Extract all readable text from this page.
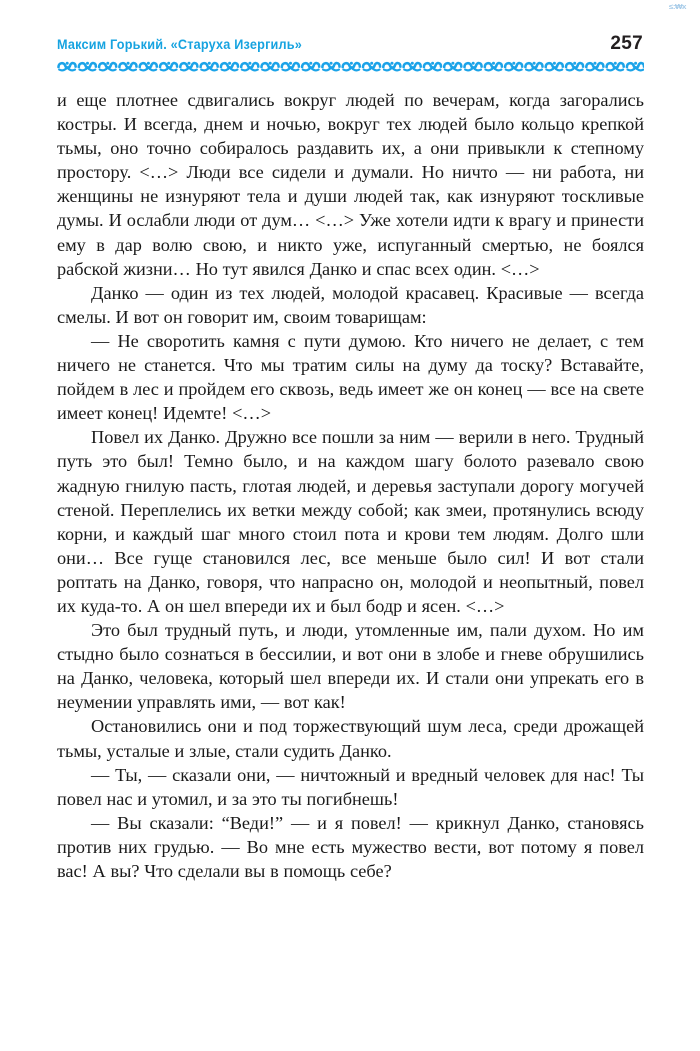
≤:₩х
Максим Горький. «Старуха Изергиль»	257

и еще плотнее сдвигались вокруг людей по вечерам, когда загорались костры. И всегда, днем и ночью, вокруг тех людей было кольцо крепкой тьмы, оно точно собиралось раздавить их, а они привыкли к степному простору. <…> Люди все сидели и думали. Но ничто — ни работа, ни женщины не изнуряют тела и души людей так, как изнуряют тоскливые думы. И ослабли люди от дум… <…> Уже хотели идти к врагу и принести ему в дар волю свою, и никто уже, испуганный смертью, не боялся рабской жизни… Но тут явился Данко и спас всех один. <…>

Данко — один из тех людей, молодой красавец. Красивые — всегда смелы. И вот он говорит им, своим товарищам:

— Не своротить камня с пути думою. Кто ничего не делает, с тем ничего не станется. Что мы тратим силы на думу да тоску? Вставайте, пойдем в лес и пройдем его сквозь, ведь имеет же он конец — все на свете имеет конец! Идемте! <…>

Повел их Данко. Дружно все пошли за ним — верили в него. Трудный путь это был! Темно было, и на каждом шагу болото разевало свою жадную гнилую пасть, глотая людей, и деревья заступали дорогу могучей стеной. Переплелись их ветки между собой; как змеи, протянулись всюду корни, и каждый шаг много стоил пота и крови тем людям. Долго шли они… Все гуще становился лес, все меньше было сил! И вот стали роптать на Данко, говоря, что напрасно он, молодой и неопытный, повел их куда-то. А он шел впереди их и был бодр и ясен. <…>

Это был трудный путь, и люди, утомленные им, пали духом. Но им стыдно было сознаться в бессилии, и вот они в злобе и гневе обрушились на Данко, человека, который шел впереди их. И стали они упрекать его в неумении управлять ими, — вот как!

Остановились они и под торжествующий шум леса, среди дрожащей тьмы, усталые и злые, стали судить Данко.

— Ты, — сказали они, — ничтожный и вредный человек для нас! Ты повел нас и утомил, и за это ты погибнешь!

— Вы сказали: “Веди!” — и я повел! — крикнул Данко, становясь против них грудью. — Во мне есть мужество вести, вот потому я повел вас! А вы? Что сделали вы в помощь себе?
